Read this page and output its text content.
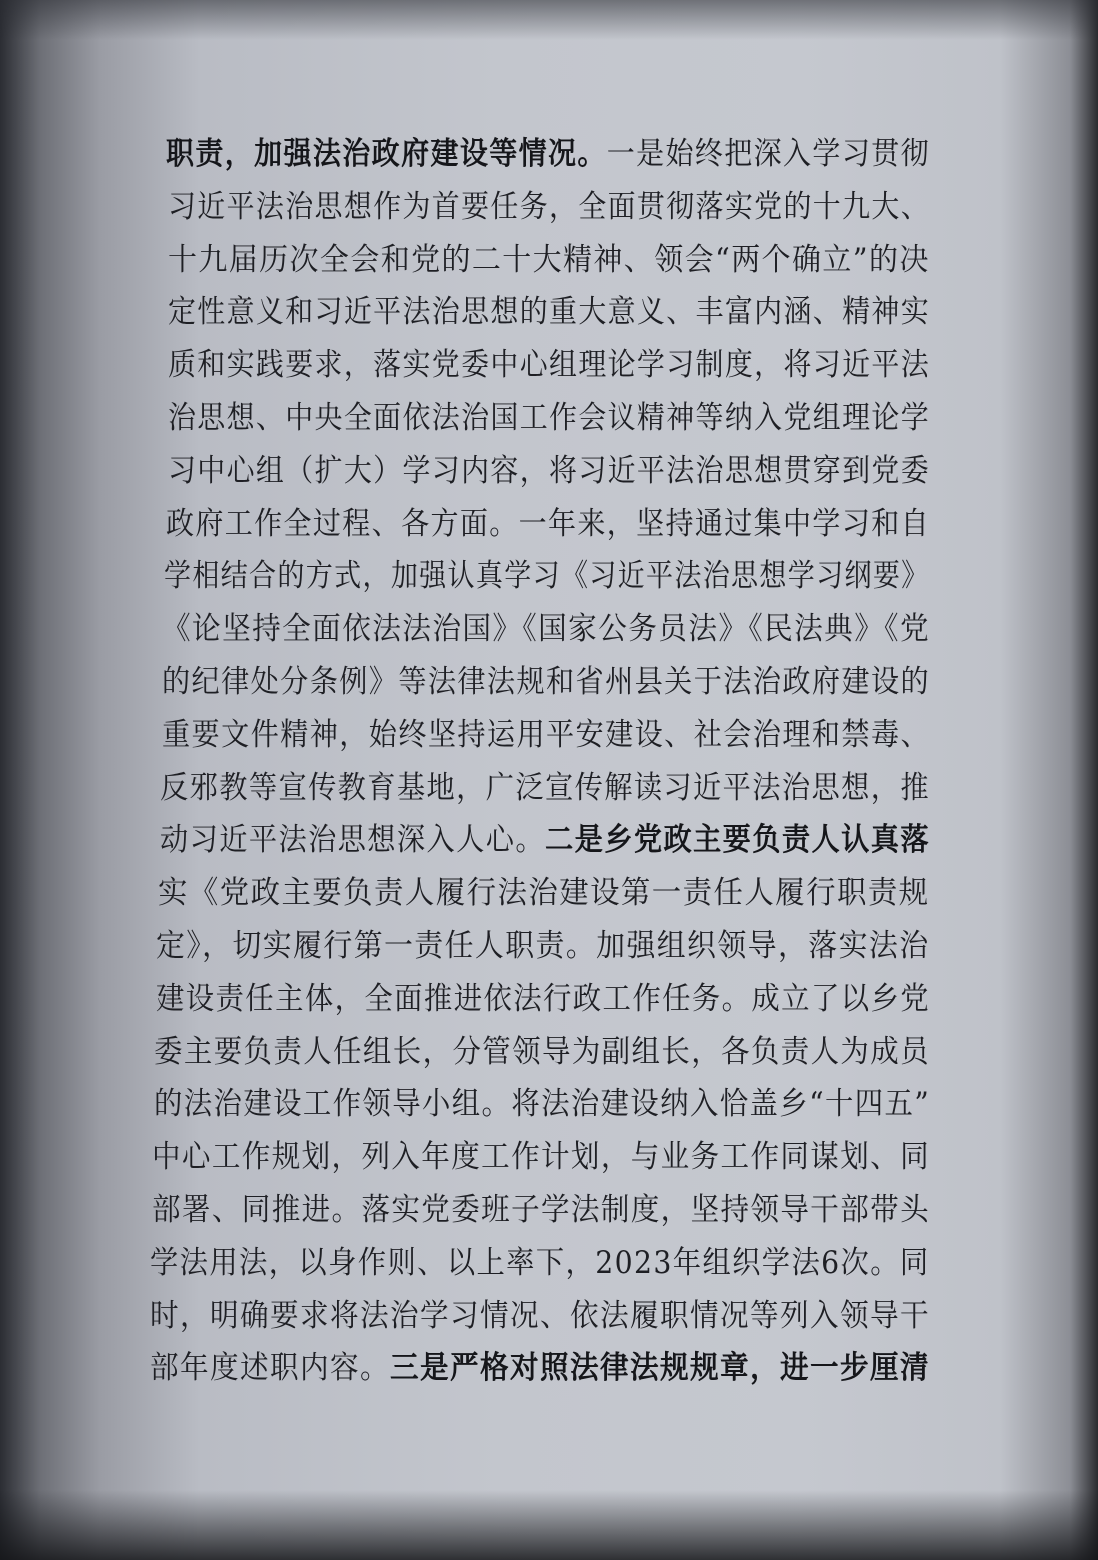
职责，加强法治政府建设等情况。一是始终把深入学习贯彻
习近平法治思想作为首要任务，全面贯彻落实党的十九大、
十九届历次全会和党的二十大精神、领会“两个确立”的决
定性意义和习近平法治思想的重大意义、丰富内涵、精神实
质和实践要求，落实党委中心组理论学习制度，将习近平法
治思想、中央全面依法治国工作会议精神等纳入党组理论学
习中心组（扩大）学习内容，将习近平法治思想贯穿到党委
政府工作全过程、各方面。一年来，坚持通过集中学习和自
学相结合的方式，加强认真学习《习近平法治思想学习纲要》
《论坚持全面依法法治国》《国家公务员法》《民法典》《党
的纪律处分条例》等法律法规和省州县关于法治政府建设的
重要文件精神，始终坚持运用平安建设、社会治理和禁毒、
反邪教等宣传教育基地，广泛宣传解读习近平法治思想，推
动习近平法治思想深入人心。二是乡党政主要负责人认真落
实《党政主要负责人履行法治建设第一责任人履行职责规
定》，切实履行第一责任人职责。加强组织领导，落实法治
建设责任主体，全面推进依法行政工作任务。成立了以乡党
委主要负责人任组长，分管领导为副组长，各负责人为成员
的法治建设工作领导小组。将法治建设纳入恰盖乡“十四五”
中心工作规划，列入年度工作计划，与业务工作同谋划、同
部署、同推进。落实党委班子学法制度，坚持领导干部带头
学法用法，以身作则、以上率下，2023年组织学法6次。同
时，明确要求将法治学习情况、依法履职情况等列入领导干
部年度述职内容。三是严格对照法律法规规章，进一步厘清
